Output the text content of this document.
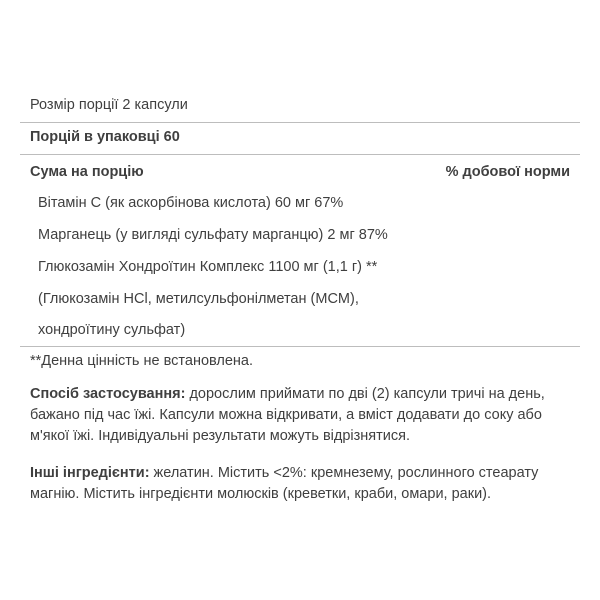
Розмір порції 2 капсули
Порцій в упаковці 60
Сума на порцію	% добової норми
Вітамін С (як аскорбінова кислота) 60 мг 67%
Марганець (у вигляді сульфату марганцю) 2 мг 87%
Глюкозамін Хондроїтин Комплекс 1100 мг (1,1 г) **
(Глюкозамін HCl, метилсульфонілметан (MCM),
хондроїтину сульфат)
**Денна цінність не встановлена.
Спосіб застосування: дорослим приймати по дві (2) капсули тричі на день, бажано під час їжі. Капсули можна відкривати, а вміст додавати до соку або м'якої їжі. Індивідуальні результати можуть відрізнятися.
Інші інгредієнти: желатин. Містить <2%: кремнезему, рослинного стеарату магнію. Містить інгредієнти молюсків (креветки, краби, омари, раки).
